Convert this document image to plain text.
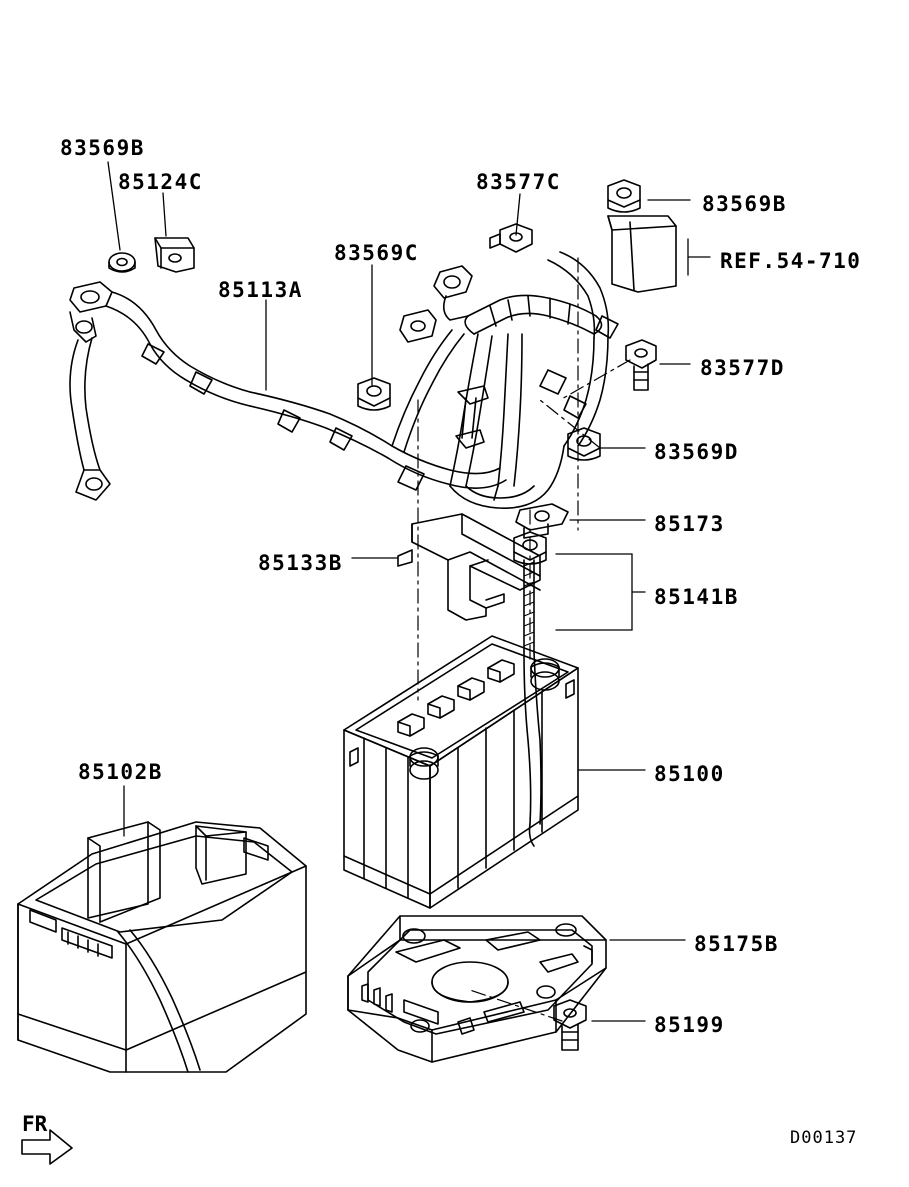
83569B
85124C	83577C
83569B
REF.54-710
83569C
85113A
83577D
83569D
85173
85133B
85141B
85100
85102B
85175B
85199
FR
D00137
